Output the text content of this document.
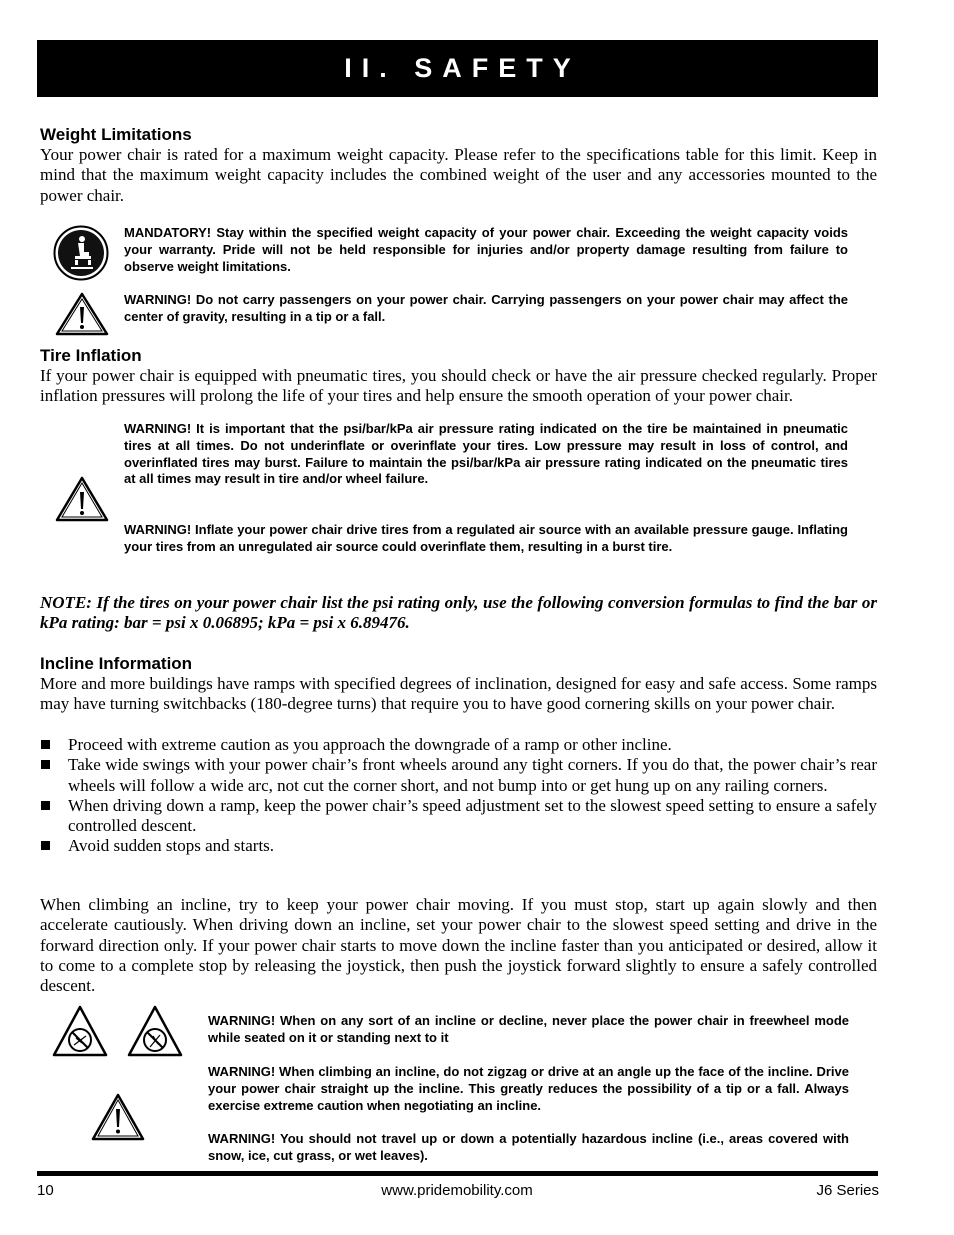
II. SAFETY
Weight Limitations

Your power chair is rated for a maximum weight capacity. Please refer to the specifications table for this limit. Keep in mind that the maximum weight capacity includes the combined weight of the user and any accessories mounted to the power chair.

MANDATORY! Stay within the specified weight capacity of your power chair. Exceeding the weight capacity voids your warranty. Pride will not be held responsible for injuries and/or property damage resulting from failure to observe weight limitations.

WARNING! Do not carry passengers on your power chair. Carrying passengers on your power chair may affect the center of gravity, resulting in a tip or a fall.

Tire Inflation

If your power chair is equipped with pneumatic tires, you should check or have the air pressure checked regularly. Proper inflation pressures will prolong the life of your tires and help ensure the smooth operation of your power chair.

WARNING! It is important that the psi/bar/kPa air pressure rating indicated on the tire be maintained in pneumatic tires at all times. Do not underinflate or overinflate your tires. Low pressure may result in loss of control, and overinflated tires may burst. Failure to maintain the psi/bar/kPa air pressure rating indicated on the pneumatic tires at all times may result in tire and/or wheel failure.

WARNING! Inflate your power chair drive tires from a regulated air source with an available pressure gauge. Inflating your tires from an unregulated air source could overinflate them, resulting in a burst tire.

NOTE: If the tires on your power chair list the psi rating only, use the following conversion formulas to find the bar or kPa rating: bar = psi x 0.06895; kPa = psi x 6.89476.

Incline Information

More and more buildings have ramps with specified degrees of inclination, designed for easy and safe access. Some ramps may have turning switchbacks (180-degree turns) that require you to have good cornering skills on your power chair.

Proceed with extreme caution as you approach the downgrade of a ramp or other incline.
Take wide swings with your power chair’s front wheels around any tight corners. If you do that, the power chair’s rear wheels will follow a wide arc, not cut the corner short, and not bump into or get hung up on any railing corners.
When driving down a ramp, keep the power chair’s speed adjustment set to the slowest speed setting to ensure a safely controlled descent.
Avoid sudden stops and starts.

When climbing an incline, try to keep your power chair moving. If you must stop, start up again slowly and then accelerate cautiously. When driving down an incline, set your power chair to the slowest speed setting and drive in the forward direction only. If your power chair starts to move down the incline faster than you anticipated or desired, allow it to come to a complete stop by releasing the joystick, then push the joystick forward slightly to ensure a safely controlled descent.

WARNING! When on any sort of an incline or decline, never place the power chair in freewheel mode while seated on it or standing next to it

WARNING! When climbing an incline, do not zigzag or drive at an angle up the face of the incline. Drive your power chair straight up the incline. This greatly reduces the possibility of a tip or a fall. Always exercise extreme caution when negotiating an incline.

WARNING! You should not travel up or down a potentially hazardous incline (i.e., areas covered with snow, ice, cut grass, or wet leaves).

10	www.pridemobility.com	J6 Series
